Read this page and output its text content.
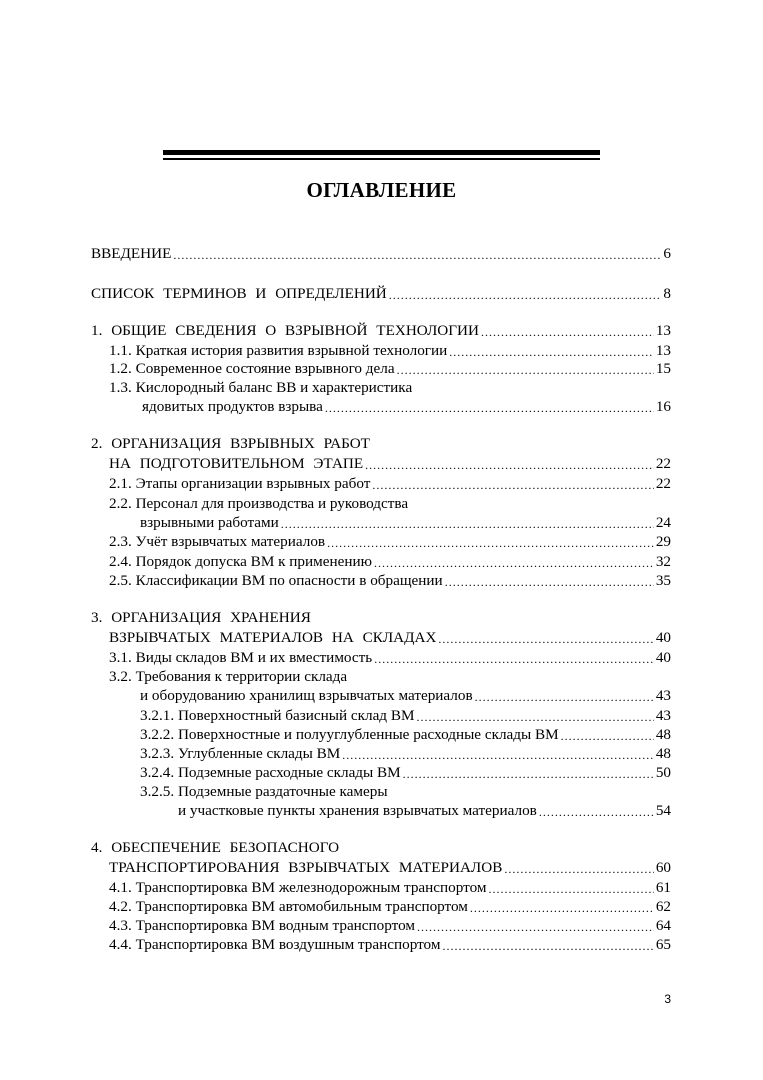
ОГЛАВЛЕНИЕ
ВВЕДЕНИЕ .....	6
СПИСОК ТЕРМИНОВ И ОПРЕДЕЛЕНИЙ .....	8
1. ОБЩИЕ СВЕДЕНИЯ О ВЗРЫВНОЙ ТЕХНОЛОГИИ .....	13
1.1. Краткая история развития взрывной технологии .....	13
1.2. Современное состояние взрывного дела .....	15
1.3. Кислородный баланс ВВ и характеристика
ядовитых продуктов взрыва .....	16
2. ОРГАНИЗАЦИЯ ВЗРЫВНЫХ РАБОТ
НА ПОДГОТОВИТЕЛЬНОМ ЭТАПЕ .....	22
2.1. Этапы организации взрывных работ .....	22
2.2. Персонал для производства и руководства
взрывными работами .....	24
2.3. Учёт взрывчатых материалов .....	29
2.4. Порядок допуска ВМ к применению .....	32
2.5. Классификации ВМ по опасности в обращении .....	35
3. ОРГАНИЗАЦИЯ ХРАНЕНИЯ
ВЗРЫВЧАТЫХ МАТЕРИАЛОВ НА СКЛАДАХ .....	40
3.1. Виды складов ВМ и их вместимость .....	40
3.2. Требования к территории склада
и оборудованию хранилищ взрывчатых материалов .....	43
3.2.1. Поверхностный базисный склад ВМ .....	43
3.2.2. Поверхностные и полууглубленные расходные склады ВМ .....	48
3.2.3. Углубленные склады ВМ .....	48
3.2.4. Подземные расходные склады ВМ .....	50
3.2.5. Подземные раздаточные камеры
и участковые пункты хранения взрывчатых материалов .....	54
4. ОБЕСПЕЧЕНИЕ БЕЗОПАСНОГО
ТРАНСПОРТИРОВАНИЯ ВЗРЫВЧАТЫХ МАТЕРИАЛОВ .....	60
4.1. Транспортировка ВМ железнодорожным транспортом .....	61
4.2. Транспортировка ВМ автомобильным транспортом .....	62
4.3. Транспортировка ВМ водным транспортом .....	64
4.4. Транспортировка ВМ воздушным транспортом .....	65
3
